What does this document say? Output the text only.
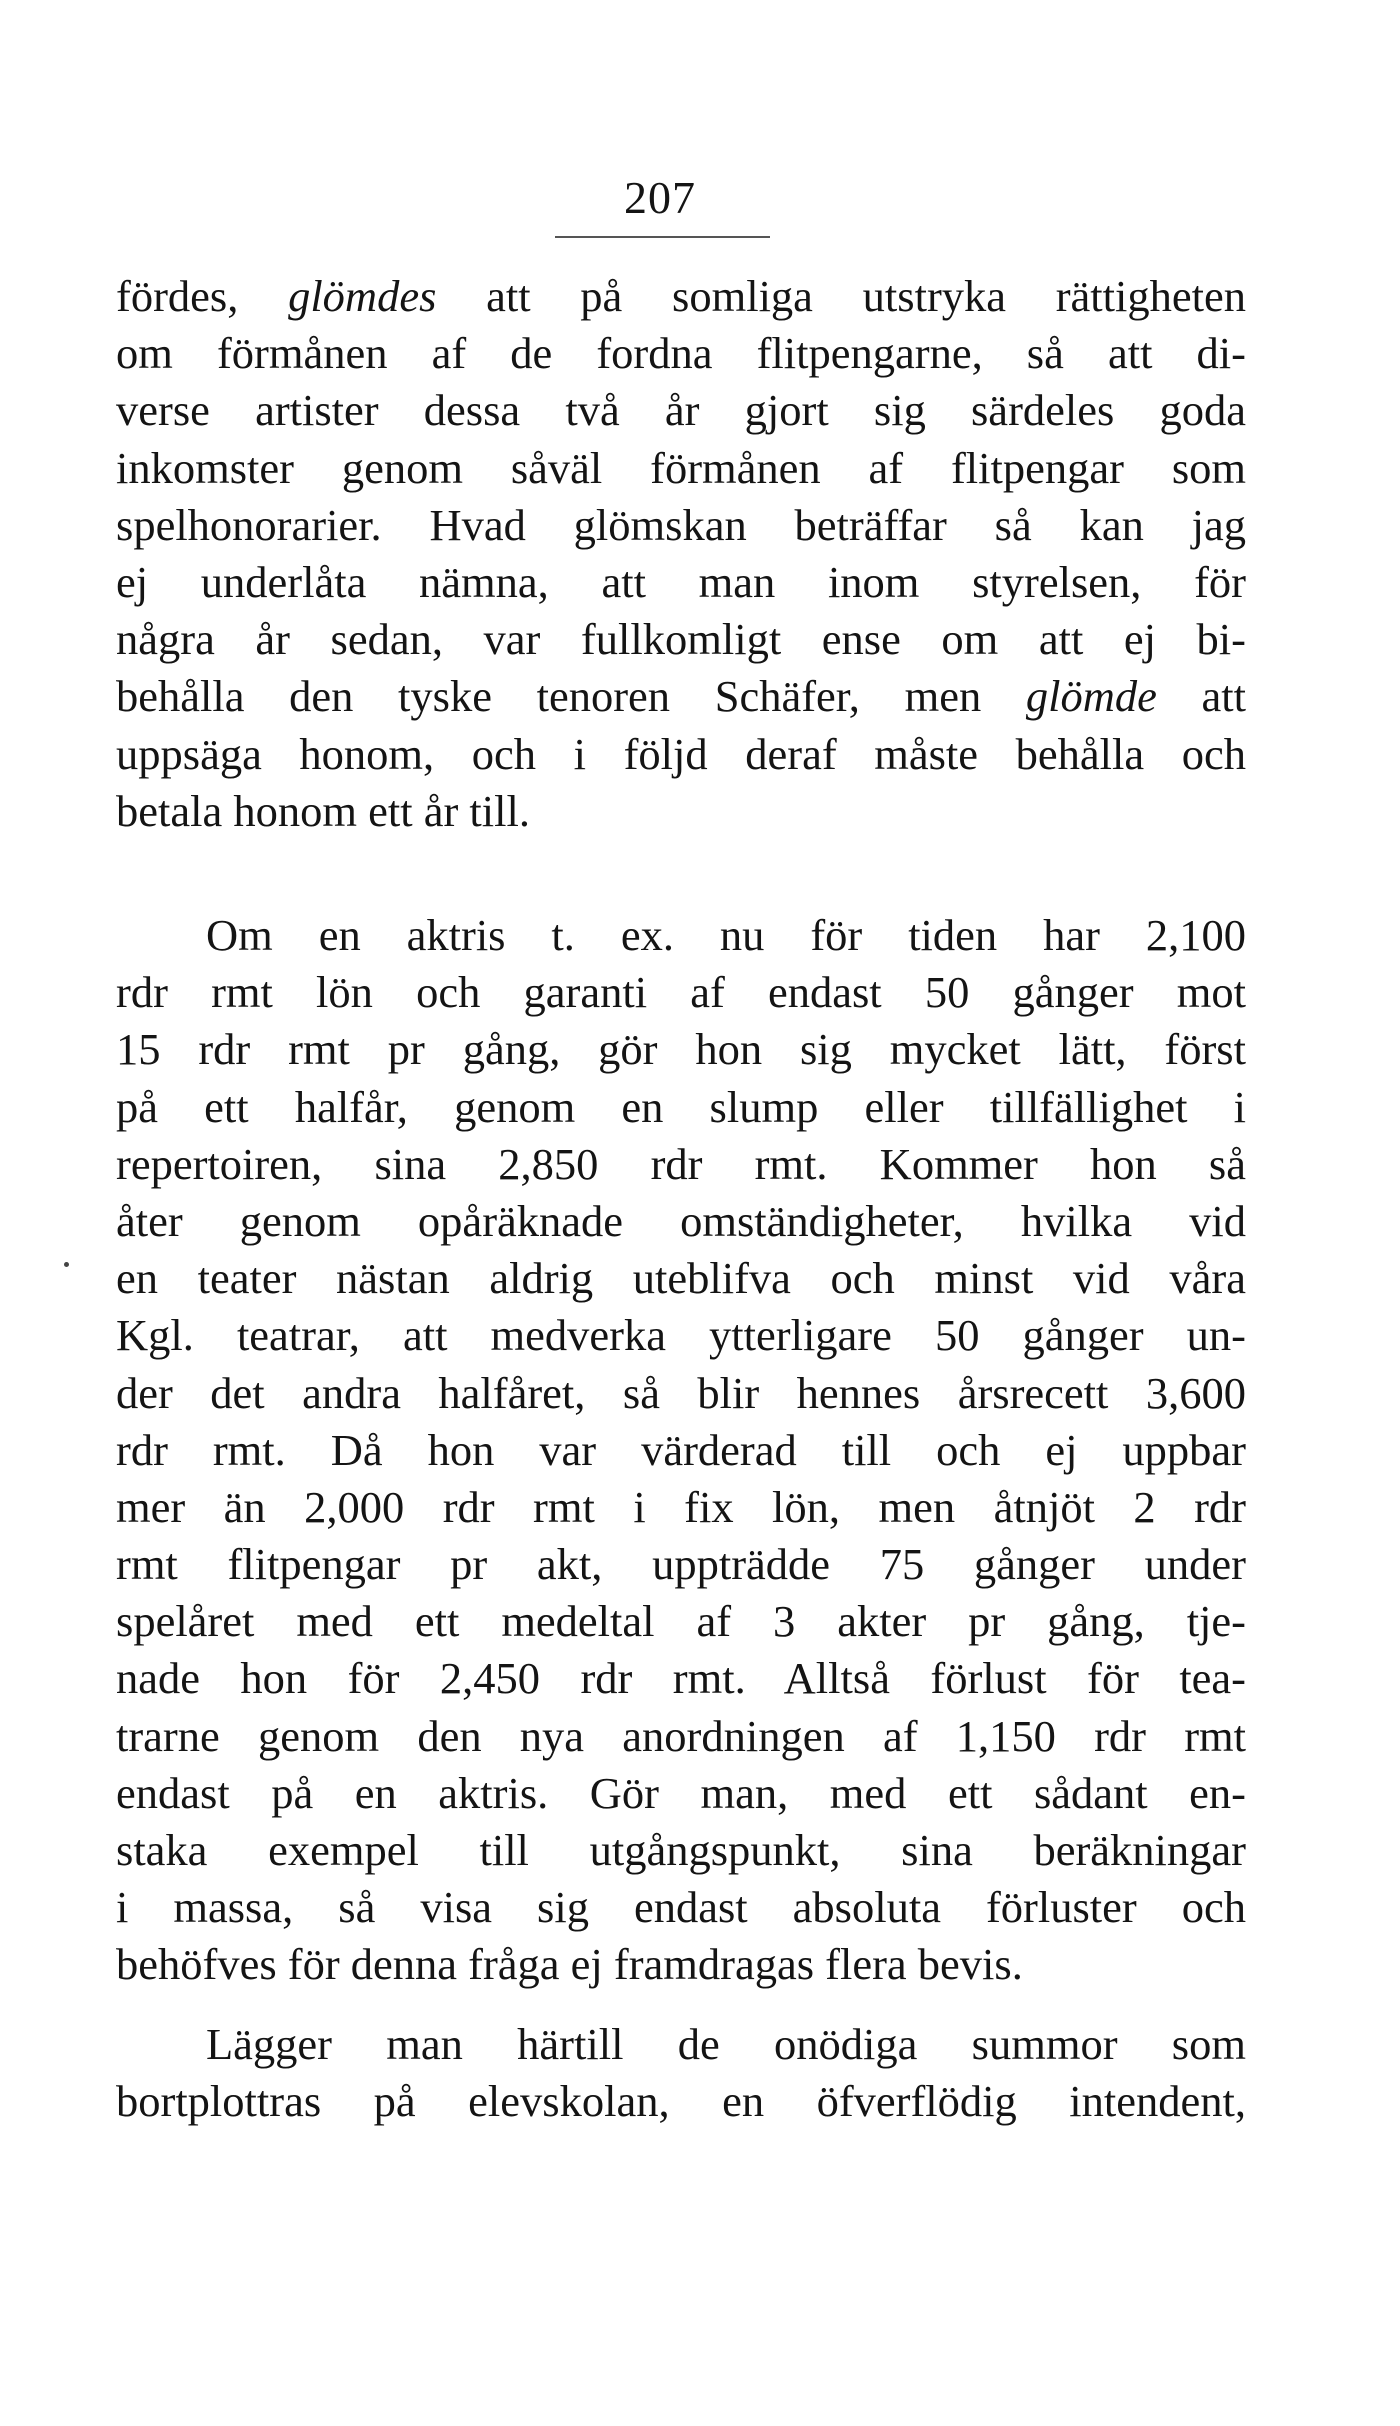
207
fördes, glömdes att på somliga utstryka rättigheten
om förmånen af de fordna flitpengarne, så att di-
verse artister dessa två år gjort sig särdeles goda
inkomster genom såväl förmånen af flitpengar som
spelhonorarier. Hvad glömskan beträffar så kan jag
ej underlåta nämna, att man inom styrelsen, för
några år sedan, var fullkomligt ense om att ej bi-
behålla den tyske tenoren Schäfer, men glömde att
uppsäga honom, och i följd deraf måste behålla och
betala honom ett år till.
Om en aktris t. ex. nu för tiden har 2,100
rdr rmt lön och garanti af endast 50 gånger mot
15 rdr rmt pr gång, gör hon sig mycket lätt, först
på ett halfår, genom en slump eller tillfällighet i
repertoiren, sina 2,850 rdr rmt. Kommer hon så
åter genom opåräknade omständigheter, hvilka vid
en teater nästan aldrig uteblifva och minst vid våra
Kgl. teatrar, att medverka ytterligare 50 gånger un-
der det andra halfåret, så blir hennes årsrecett 3,600
rdr rmt. Då hon var värderad till och ej uppbar
mer än 2,000 rdr rmt i fix lön, men åtnjöt 2 rdr
rmt flitpengar pr akt, uppträdde 75 gånger under
spelåret med ett medeltal af 3 akter pr gång, tje-
nade hon för 2,450 rdr rmt. Alltså förlust för tea-
trarne genom den nya anordningen af 1,150 rdr rmt
endast på en aktris. Gör man, med ett sådant en-
staka exempel till utgångspunkt, sina beräkningar
i massa, så visa sig endast absoluta förluster och
behöfves för denna fråga ej framdragas flera bevis.
Lägger man härtill de onödiga summor som
bortplottras på elevskolan, en öfverflödig intendent,
